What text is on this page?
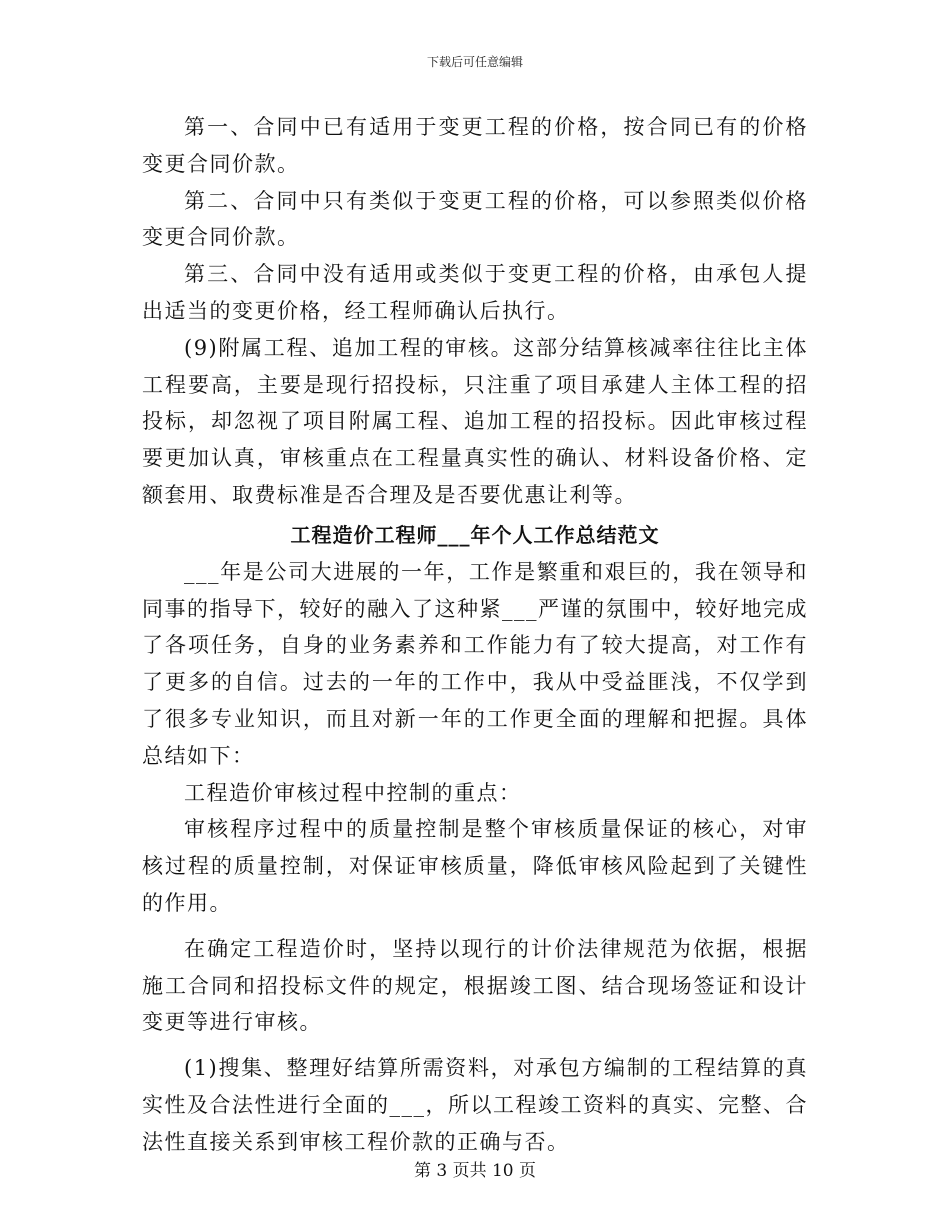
下载后可任意编辑

第一、合同中已有适用于变更工程的价格，按合同已有的价格变更合同价款。

第二、合同中只有类似于变更工程的价格，可以参照类似价格变更合同价款。

第三、合同中没有适用或类似于变更工程的价格，由承包人提出适当的变更价格，经工程师确认后执行。

(9)附属工程、追加工程的审核。这部分结算核减率往往比主体工程要高，主要是现行招投标，只注重了项目承建人主体工程的招投标，却忽视了项目附属工程、追加工程的招投标。因此审核过程要更加认真，审核重点在工程量真实性的确认、材料设备价格、定额套用、取费标准是否合理及是否要优惠让利等。

工程造价工程师___年个人工作总结范文

___年是公司大进展的一年，工作是繁重和艰巨的，我在领导和同事的指导下，较好的融入了这种紧___严谨的氛围中，较好地完成了各项任务，自身的业务素养和工作能力有了较大提高，对工作有了更多的自信。过去的一年的工作中，我从中受益匪浅，不仅学到了很多专业知识，而且对新一年的工作更全面的理解和把握。具体总结如下：

工程造价审核过程中控制的重点：

审核程序过程中的质量控制是整个审核质量保证的核心，对审核过程的质量控制，对保证审核质量，降低审核风险起到了关键性的作用。

在确定工程造价时，坚持以现行的计价法律规范为依据，根据施工合同和招投标文件的规定，根据竣工图、结合现场签证和设计变更等进行审核。

(1)搜集、整理好结算所需资料，对承包方编制的工程结算的真实性及合法性进行全面的___，所以工程竣工资料的真实、完整、合法性直接关系到审核工程价款的正确与否。

第 3 页共 10 页
